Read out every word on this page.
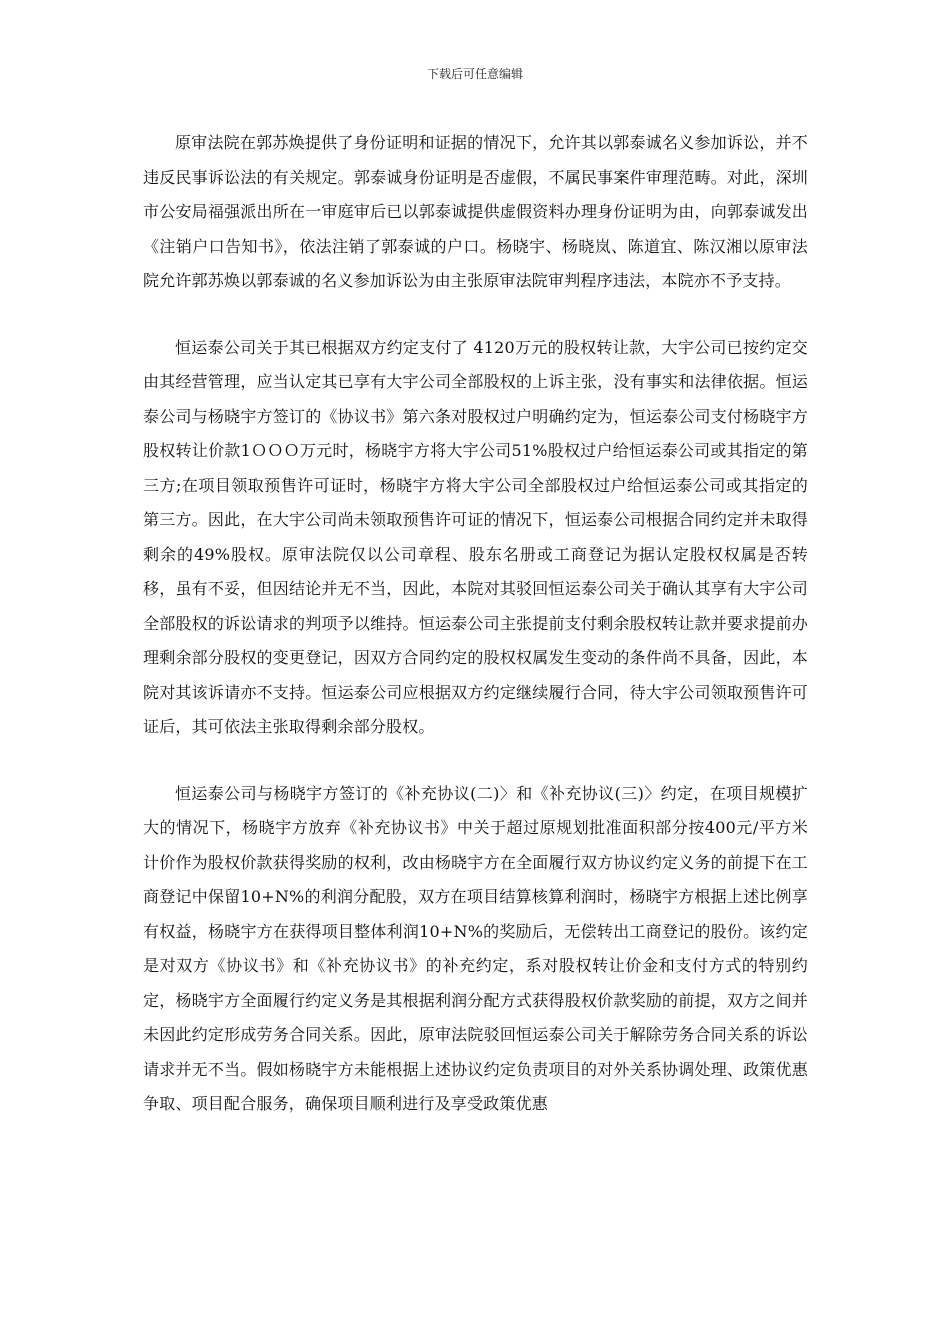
下载后可任意编辑

原审法院在郭苏焕提供了身份证明和证据的情况下，允许其以郭泰诚名义参加诉讼，并不违反民事诉讼法的有关规定。郭泰诚身份证明是否虚假，不属民事案件审理范畴。对此，深圳市公安局福强派出所在一审庭审后已以郭泰诚提供虚假资料办理身份证明为由，向郭泰诚发出《注销户口告知书》，依法注销了郭泰诚的户口。杨晓宇、杨晓岚、陈道宜、陈汉湘以原审法院允许郭苏焕以郭泰诚的名义参加诉讼为由主张原审法院审判程序违法，本院亦不予支持。

恒运泰公司关于其已根据双方约定支付了 4120万元的股权转让款，大宇公司已按约定交由其经营管理，应当认定其已享有大宇公司全部股权的上诉主张，没有事实和法律依据。恒运泰公司与杨晓宇方签订的《协议书》第六条对股权过户明确约定为，恒运泰公司支付杨晓宇方股权转让价款1ＯＯＯ万元时，杨晓宇方将大宇公司51%股权过户给恒运泰公司或其指定的第三方;在项目领取预售许可证时，杨晓宇方将大宇公司全部股权过户给恒运泰公司或其指定的第三方。因此，在大宇公司尚未领取预售许可证的情况下，恒运泰公司根据合同约定并未取得剩余的49%股权。原审法院仅以公司章程、股东名册或工商登记为据认定股权权属是否转移，虽有不妥，但因结论并无不当，因此，本院对其驳回恒运泰公司关于确认其享有大宇公司全部股权的诉讼请求的判项予以维持。恒运泰公司主张提前支付剩余股权转让款并要求提前办理剩余部分股权的变更登记，因双方合同约定的股权权属发生变动的条件尚不具备，因此，本院对其该诉请亦不支持。恒运泰公司应根据双方约定继续履行合同，待大宇公司领取预售许可证后，其可依法主张取得剩余部分股权。

恒运泰公司与杨晓宇方签订的《补充协议(二)〉和《补充协议(三)〉约定，在项目规模扩大的情况下，杨晓宇方放弃《补充协议书》中关于超过原规划批准面积部分按400元/平方米计价作为股权价款获得奖励的权利，改由杨晓宇方在全面履行双方协议约定义务的前提下在工商登记中保留10+N%的利润分配股，双方在项目结算核算利润时，杨晓宇方根据上述比例享有权益，杨晓宇方在获得项目整体利润10+N%的奖励后，无偿转出工商登记的股份。该约定是对双方《协议书》和《补充协议书》的补充约定，系对股权转让价金和支付方式的特别约定，杨晓宇方全面履行约定义务是其根据利润分配方式获得股权价款奖励的前提，双方之间并未因此约定形成劳务合同关系。因此，原审法院驳回恒运泰公司关于解除劳务合同关系的诉讼请求并无不当。假如杨晓宇方未能根据上述协议约定负责项目的对外关系协调处理、政策优惠争取、项目配合服务，确保项目顺利进行及享受政策优惠
